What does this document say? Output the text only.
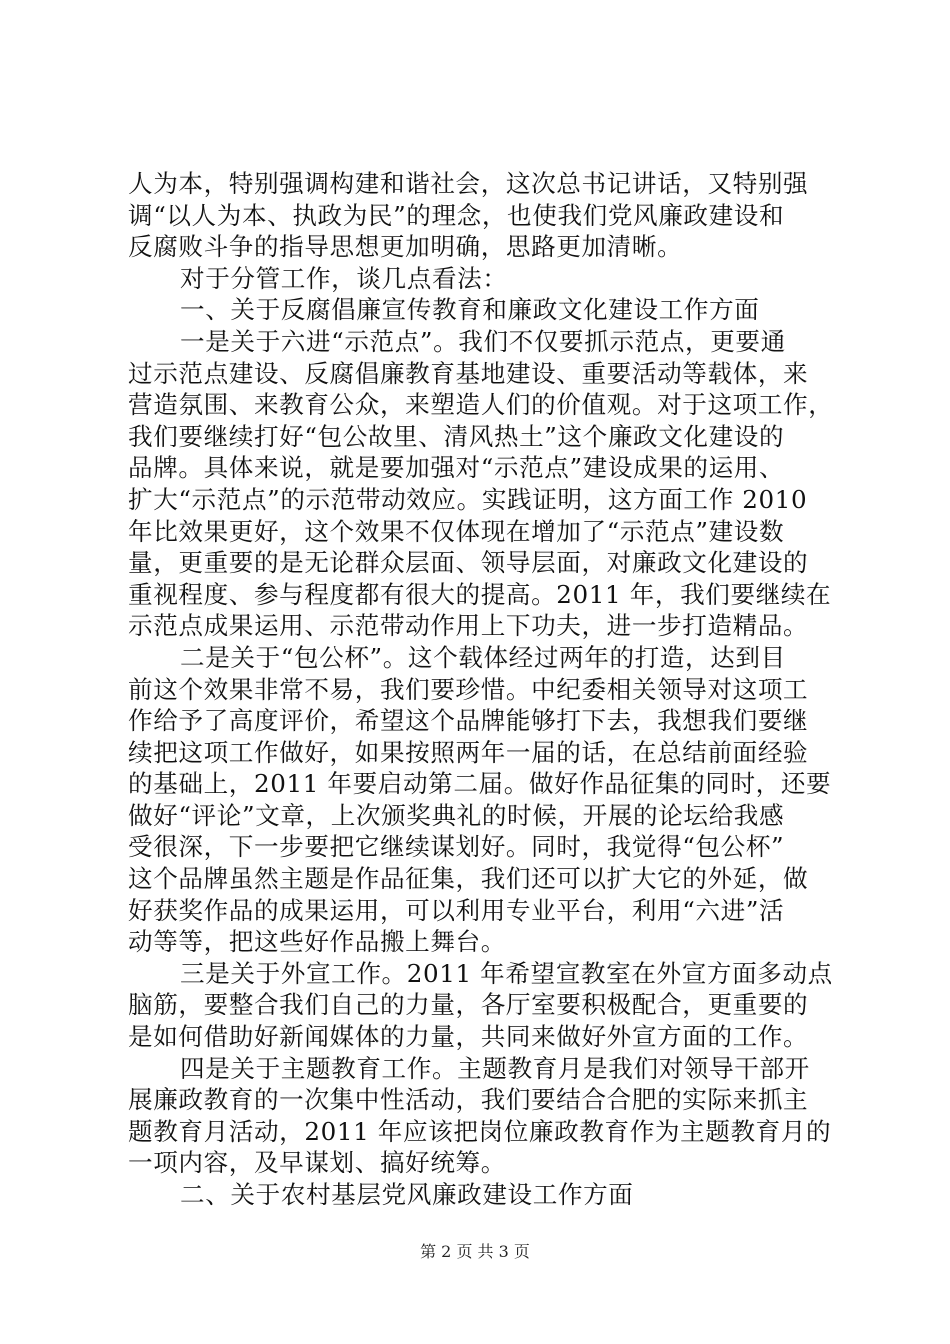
人为本，特别强调构建和谐社会，这次总书记讲话，又特别强
调“以人为本、执政为民”的理念，也使我们党风廉政建设和
反腐败斗争的指导思想更加明确，思路更加清晰。
对于分管工作，谈几点看法：
一、关于反腐倡廉宣传教育和廉政文化建设工作方面
一是关于六进“示范点”。我们不仅要抓示范点，更要通
过示范点建设、反腐倡廉教育基地建设、重要活动等载体，来
营造氛围、来教育公众，来塑造人们的价值观。对于这项工作，
我们要继续打好“包公故里、清风热土”这个廉政文化建设的
品牌。具体来说，就是要加强对“示范点”建设成果的运用、
扩大“示范点”的示范带动效应。实践证明，这方面工作 2010
年比效果更好，这个效果不仅体现在增加了“示范点”建设数
量，更重要的是无论群众层面、领导层面，对廉政文化建设的
重视程度、参与程度都有很大的提高。2011 年，我们要继续在
示范点成果运用、示范带动作用上下功夫，进一步打造精品。
二是关于“包公杯”。这个载体经过两年的打造，达到目
前这个效果非常不易，我们要珍惜。中纪委相关领导对这项工
作给予了高度评价，希望这个品牌能够打下去，我想我们要继
续把这项工作做好，如果按照两年一届的话，在总结前面经验
的基础上，2011 年要启动第二届。做好作品征集的同时，还要
做好“评论”文章，上次颁奖典礼的时候，开展的论坛给我感
受很深，下一步要把它继续谋划好。同时，我觉得“包公杯”
这个品牌虽然主题是作品征集，我们还可以扩大它的外延，做
好获奖作品的成果运用，可以利用专业平台，利用“六进”活
动等等，把这些好作品搬上舞台。
三是关于外宣工作。2011 年希望宣教室在外宣方面多动点
脑筋，要整合我们自己的力量，各厅室要积极配合，更重要的
是如何借助好新闻媒体的力量，共同来做好外宣方面的工作。
四是关于主题教育工作。主题教育月是我们对领导干部开
展廉政教育的一次集中性活动，我们要结合合肥的实际来抓主
题教育月活动，2011 年应该把岗位廉政教育作为主题教育月的
一项内容，及早谋划、搞好统筹。
二、关于农村基层党风廉政建设工作方面
第 2 页 共 3 页
